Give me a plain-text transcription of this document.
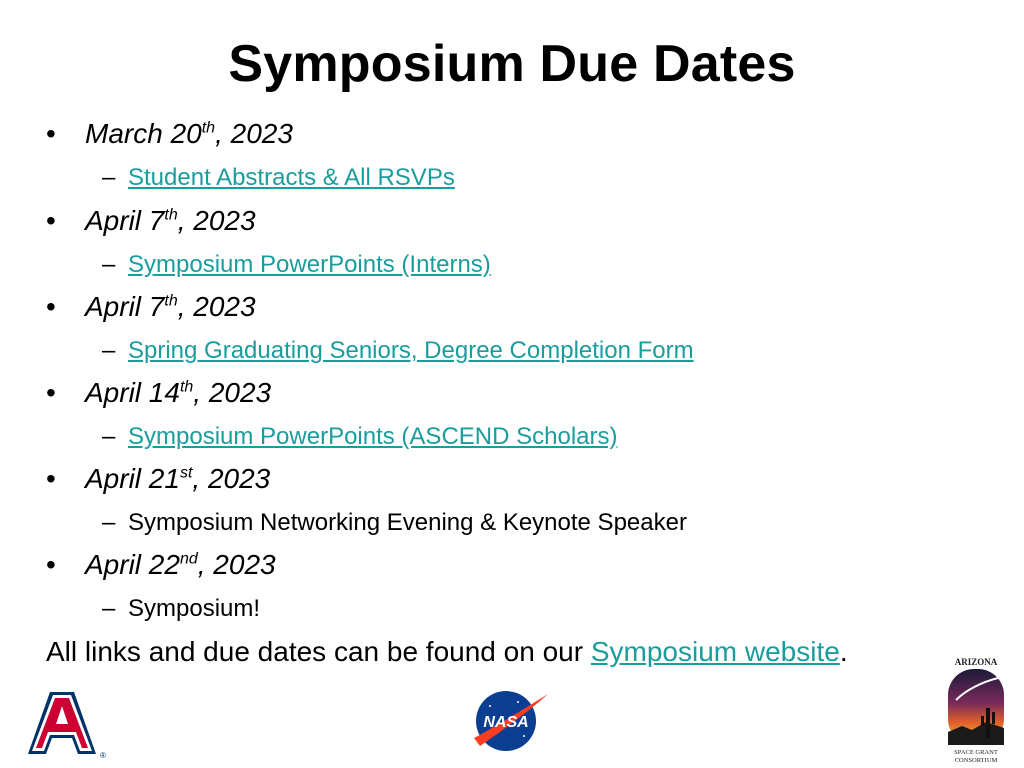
Symposium Due Dates
• March 20th, 2023
– Student Abstracts & All RSVPs
• April 7th, 2023
– Symposium PowerPoints (Interns)
• April 7th, 2023
– Spring Graduating Seniors, Degree Completion Form
• April 14th, 2023
– Symposium PowerPoints (ASCEND Scholars)
• April 21st, 2023
– Symposium Networking Evening & Keynote Speaker
• April 22nd, 2023
– Symposium!
All links and due dates can be found on our Symposium website.
®
NASA
ARIZONA
SPACE GRANT
CONSORTIUM
